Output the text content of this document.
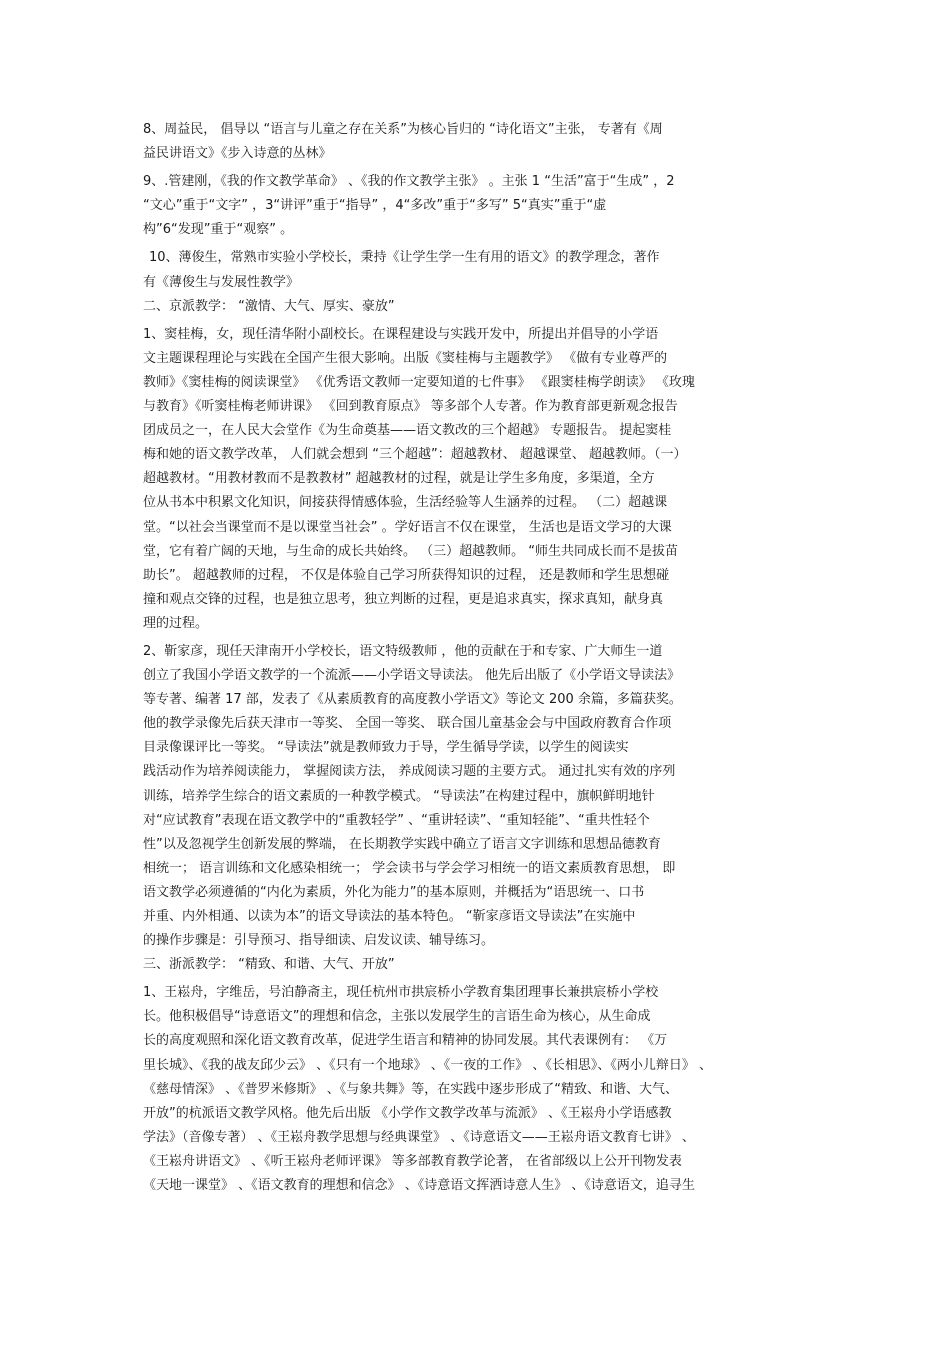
8、周益民， 倡导以 “语言与儿童之存在关系”为核心旨归的 “诗化语文”主张， 专著有《周
益民讲语文》《步入诗意的丛林》
9、.管建刚，《我的作文教学革命》 、《我的作文教学主张》 。主张 1 “生活”富于“生成” ，2
“文心”重于“文字” ，3“讲评”重于“指导” ，4“多改”重于“多写” 5“真实”重于“虚
构”6“发现”重于“观察” 。
10、薄俊生，常熟市实验小学校长，秉持《让学生学一生有用的语文》的教学理念，著作
有《薄俊生与发展性教学》
二、京派教学： “激情、大气、厚实、豪放”
1、窦桂梅，女，现任清华附小副校长。在课程建设与实践开发中，所提出并倡导的小学语
文主题课程理论与实践在全国产生很大影响。出版《窦桂梅与主题教学》 《做有专业尊严的
教师》《窦桂梅的阅读课堂》 《优秀语文教师一定要知道的七件事》 《跟窦桂梅学朗读》 《玫瑰
与教育》《听窦桂梅老师讲课》 《回到教育原点》 等多部个人专著。作为教育部更新观念报告
团成员之一，在人民大会堂作《为生命奠基——语文教改的三个超越》 专题报告。 提起窦桂
梅和她的语文教学改革， 人们就会想到 “三个超越”：超越教材、 超越课堂、 超越教师。（一）
超越教材。“用教材教而不是教教材” 超越教材的过程，就是让学生多角度，多渠道，全方
位从书本中积累文化知识，间接获得情感体验，生活经验等人生涵养的过程。 （二）超越课
堂。“以社会当课堂而不是以课堂当社会” 。学好语言不仅在课堂， 生活也是语文学习的大课
堂，它有着广阔的天地，与生命的成长共始终。 （三）超越教师。 “师生共同成长而不是拔苗
助长”。 超越教师的过程， 不仅是体验自己学习所获得知识的过程， 还是教师和学生思想碰
撞和观点交锋的过程，也是独立思考，独立判断的过程，更是追求真实，探求真知，献身真
理的过程。
2、靳家彦，现任天津南开小学校长，语文特级教师 ，他的贡献在于和专家、广大师生一道
创立了我国小学语文教学的一个流派——小学语文导读法。 他先后出版了《小学语文导读法》
等专著、编著 17 部，发表了《从素质教育的高度教小学语文》等论文 200 余篇，多篇获奖。
他的教学录像先后获天津市一等奖、 全国一等奖、 联合国儿童基金会与中国政府教育合作项
目录像课评比一等奖。 “导读法”就是教师致力于导，学生循导学读，以学生的阅读实
践活动作为培养阅读能力， 掌握阅读方法， 养成阅读习题的主要方式。 通过扎实有效的序列
训练，培养学生综合的语文素质的一种教学模式。 “导读法”在构建过程中，旗帜鲜明地针
对“应试教育”表现在语文教学中的“重教轻学” 、“重讲轻读”、“重知轻能”、“重共性轻个
性”以及忽视学生创新发展的弊端， 在长期教学实践中确立了语言文字训练和思想品德教育
相统一； 语言训练和文化感染相统一； 学会读书与学会学习相统一的语文素质教育思想， 即
语文教学必须遵循的“内化为素质，外化为能力”的基本原则，并概括为“语思统一、口书
并重、内外相通、以读为本”的语文导读法的基本特色。 “靳家彦语文导读法”在实施中
的操作步骤是：引导预习、指导细读、启发议读、辅导练习。
三、浙派教学： “精致、和谐、大气、开放”
1、王崧舟，字维岳，号泊静斋主，现任杭州市拱宸桥小学教育集团理事长兼拱宸桥小学校
长。他积极倡导“诗意语文”的理想和信念，主张以发展学生的言语生命为核心，从生命成
长的高度观照和深化语文教育改革，促进学生语言和精神的协同发展。其代表课例有： 《万
里长城》、《我的战友邱少云》 、《只有一个地球》 、《一夜的工作》 、《长相思》、《两小儿辩日》 、
《慈母情深》 、《普罗米修斯》 、《与象共舞》等，在实践中逐步形成了“精致、和谐、大气、
开放”的杭派语文教学风格。他先后出版 《小学作文教学改革与流派》 、《王崧舟小学语感教
学法》（音像专著） 、《王崧舟教学思想与经典课堂》 、《诗意语文——王崧舟语文教育七讲》 、
《王崧舟讲语文》 、《听王崧舟老师评课》 等多部教育教学论著， 在省部级以上公开刊物发表
《天地一课堂》 、《语文教育的理想和信念》 、《诗意语文挥洒诗意人生》 、《诗意语文，追寻生
